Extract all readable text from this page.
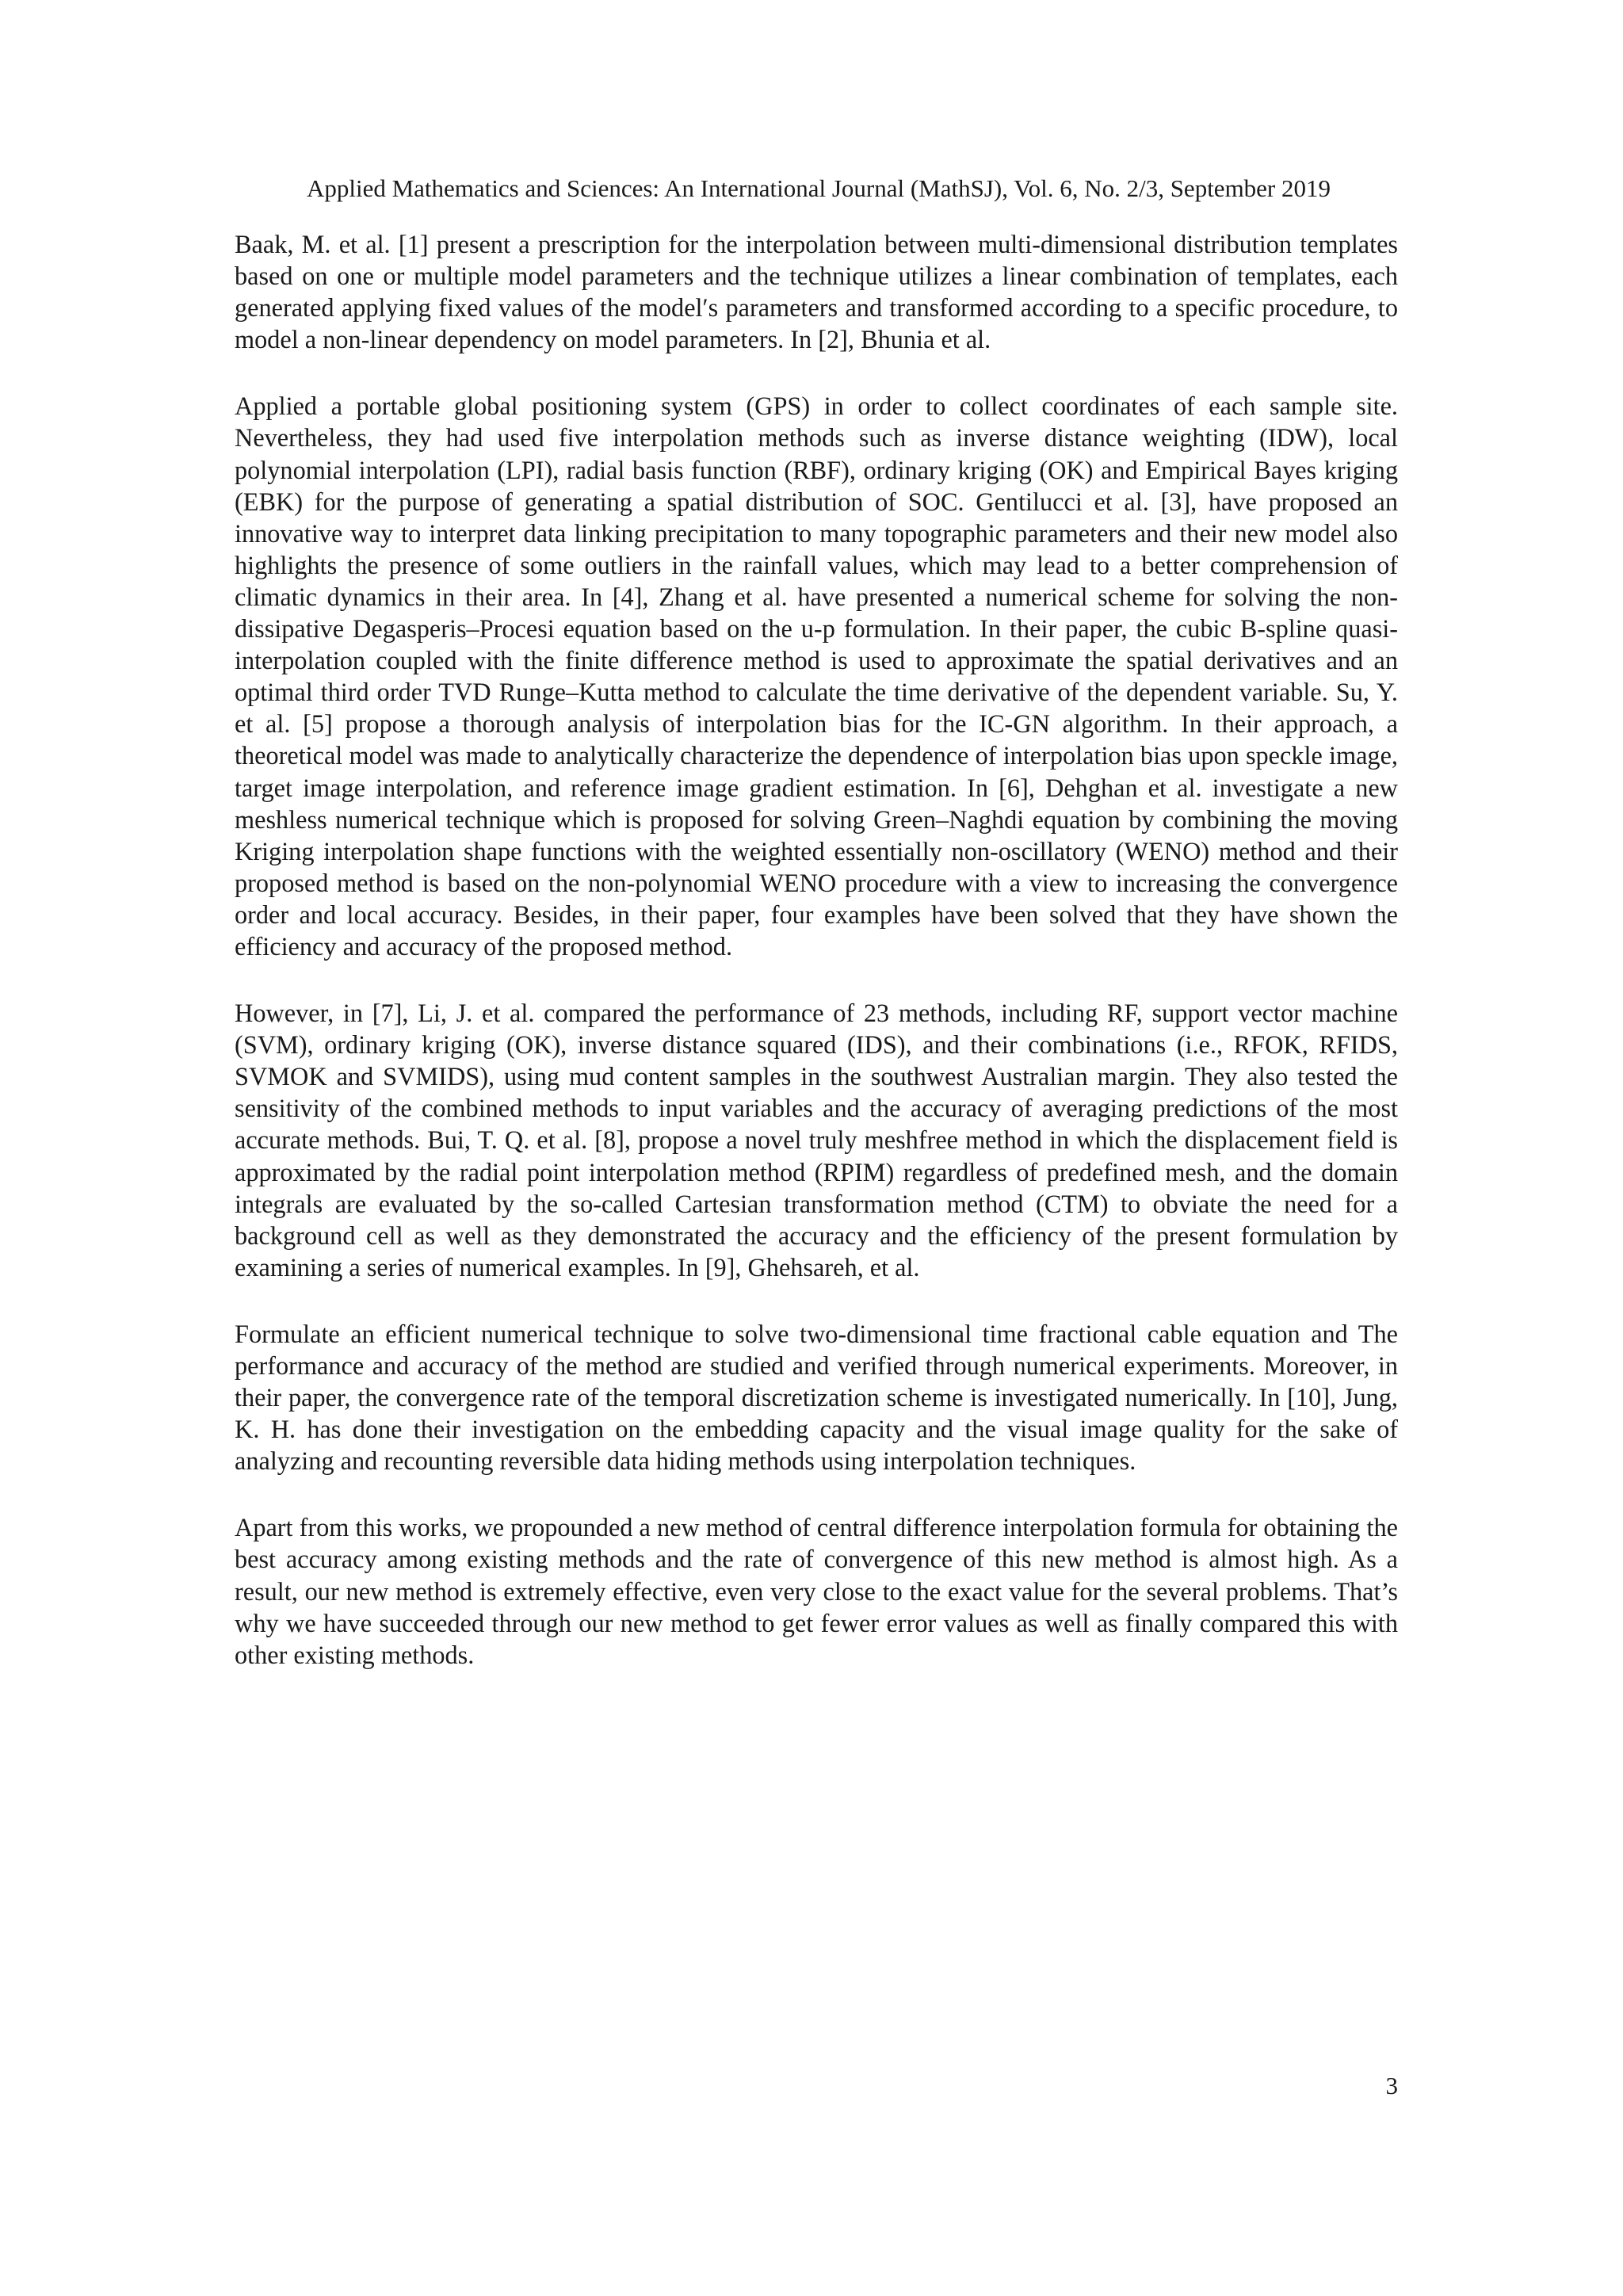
Applied Mathematics and Sciences: An International Journal (MathSJ), Vol. 6, No. 2/3, September 2019

Baak, M. et al. [1] present a prescription for the interpolation between multi-dimensional distribution templates based on one or multiple model parameters and the technique utilizes a linear combination of templates, each generated applying fixed values of the model′s parameters and transformed according to a specific procedure, to model a non-linear dependency on model parameters. In [2], Bhunia et al.

Applied a portable global positioning system (GPS) in order to collect coordinates of each sample site. Nevertheless, they had used five interpolation methods such as inverse distance weighting (IDW), local polynomial interpolation (LPI), radial basis function (RBF), ordinary kriging (OK) and Empirical Bayes kriging (EBK) for the purpose of generating a spatial distribution of SOC. Gentilucci et al. [3], have proposed an innovative way to interpret data linking precipitation to many topographic parameters and their new model also highlights the presence of some outliers in the rainfall values, which may lead to a better comprehension of climatic dynamics in their area. In [4], Zhang et al. have presented a numerical scheme for solving the non-dissipative Degasperis–Procesi equation based on the u-p formulation. In their paper, the cubic B-spline quasi-interpolation coupled with the finite difference method is used to approximate the spatial derivatives and an optimal third order TVD Runge–Kutta method to calculate the time derivative of the dependent variable. Su, Y. et al. [5] propose a thorough analysis of interpolation bias for the IC-GN algorithm. In their approach, a theoretical model was made to analytically characterize the dependence of interpolation bias upon speckle image, target image interpolation, and reference image gradient estimation. In [6], Dehghan et al. investigate a new meshless numerical technique which is proposed for solving Green–Naghdi equation by combining the moving Kriging interpolation shape functions with the weighted essentially non-oscillatory (WENO) method and their proposed method is based on the non-polynomial WENO procedure with a view to increasing the convergence order and local accuracy. Besides, in their paper, four examples have been solved that they have shown the efficiency and accuracy of the proposed method.

However, in [7], Li, J. et al. compared the performance of 23 methods, including RF, support vector machine (SVM), ordinary kriging (OK), inverse distance squared (IDS), and their combinations (i.e., RFOK, RFIDS, SVMOK and SVMIDS), using mud content samples in the southwest Australian margin. They also tested the sensitivity of the combined methods to input variables and the accuracy of averaging predictions of the most accurate methods. Bui, T. Q. et al. [8], propose a novel truly meshfree method in which the displacement field is approximated by the radial point interpolation method (RPIM) regardless of predefined mesh, and the domain integrals are evaluated by the so-called Cartesian transformation method (CTM) to obviate the need for a background cell as well as they demonstrated the accuracy and the efficiency of the present formulation by examining a series of numerical examples. In [9], Ghehsareh, et al.

Formulate an efficient numerical technique to solve two-dimensional time fractional cable equation and The performance and accuracy of the method are studied and verified through numerical experiments. Moreover, in their paper, the convergence rate of the temporal discretization scheme is investigated numerically. In [10], Jung, K. H. has done their investigation on the embedding capacity and the visual image quality for the sake of analyzing and recounting reversible data hiding methods using interpolation techniques.

Apart from this works, we propounded a new method of central difference interpolation formula for obtaining the best accuracy among existing methods and the rate of convergence of this new method is almost high. As a result, our new method is extremely effective, even very close to the exact value for the several problems. That’s why we have succeeded through our new method to get fewer error values as well as finally compared this with other existing methods.

3
